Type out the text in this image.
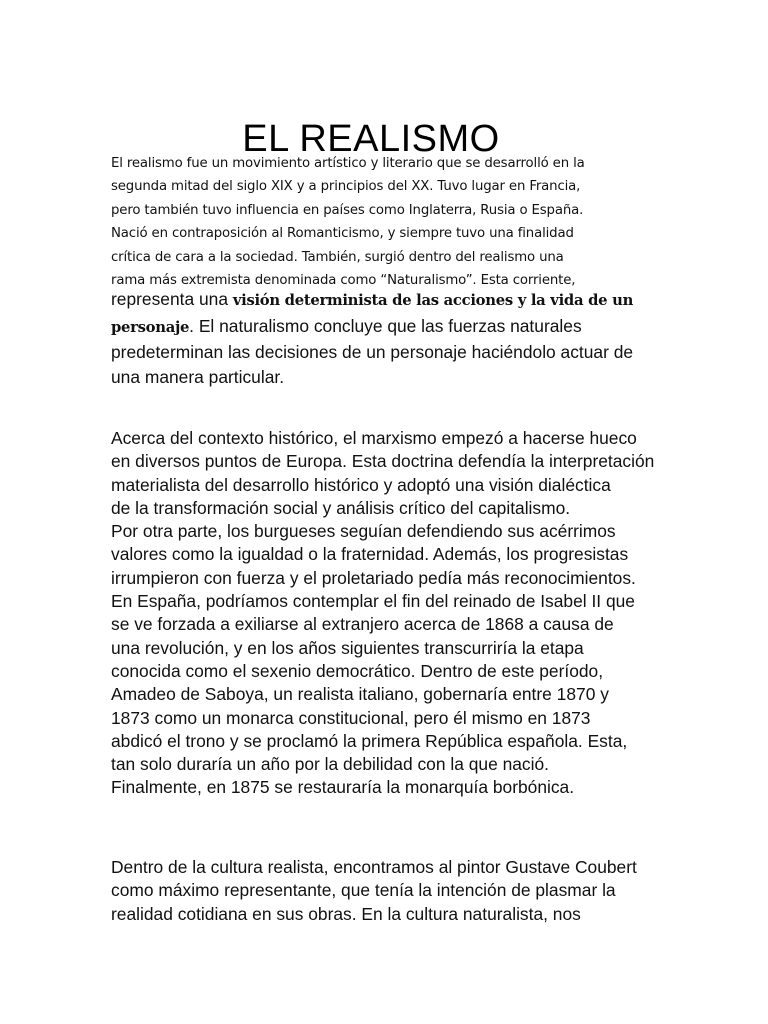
EL REALISMO
El realismo fue un movimiento artístico y literario que se desarrolló en la
segunda mitad del siglo XIX y a principios del XX. Tuvo lugar en Francia,
pero también tuvo influencia en países como Inglaterra, Rusia o España.
Nació en contraposición al Romanticismo, y siempre tuvo una finalidad
crítica de cara a la sociedad. También, surgió dentro del realismo una
rama más extremista denominada como “Naturalismo”. Esta corriente,
representa una visión determinista de las acciones y la vida de un
personaje. El naturalismo concluye que las fuerzas naturales
predeterminan las decisiones de un personaje haciéndolo actuar de
una manera particular.
Acerca del contexto histórico, el marxismo empezó a hacerse hueco
en diversos puntos de Europa. Esta doctrina defendía la interpretación
materialista del desarrollo histórico y adoptó una visión dialéctica
de la transformación social y análisis crítico del capitalismo.
Por otra parte, los burgueses seguían defendiendo sus acérrimos
valores como la igualdad o la fraternidad. Además, los progresistas
irrumpieron con fuerza y el proletariado pedía más reconocimientos.
En España, podríamos contemplar el fin del reinado de Isabel II que
se ve forzada a exiliarse al extranjero acerca de 1868 a causa de
una revolución, y en los años siguientes transcurriría la etapa
conocida como el sexenio democrático. Dentro de este período,
Amadeo de Saboya, un realista italiano, gobernaría entre 1870 y
1873 como un monarca constitucional, pero él mismo en 1873
abdicó el trono y se proclamó la primera República española. Esta,
tan solo duraría un año por la debilidad con la que nació.
Finalmente, en 1875 se restauraría la monarquía borbónica.
Dentro de la cultura realista, encontramos al pintor Gustave Coubert
como máximo representante, que tenía la intención de plasmar la
realidad cotidiana en sus obras. En la cultura naturalista, nos
